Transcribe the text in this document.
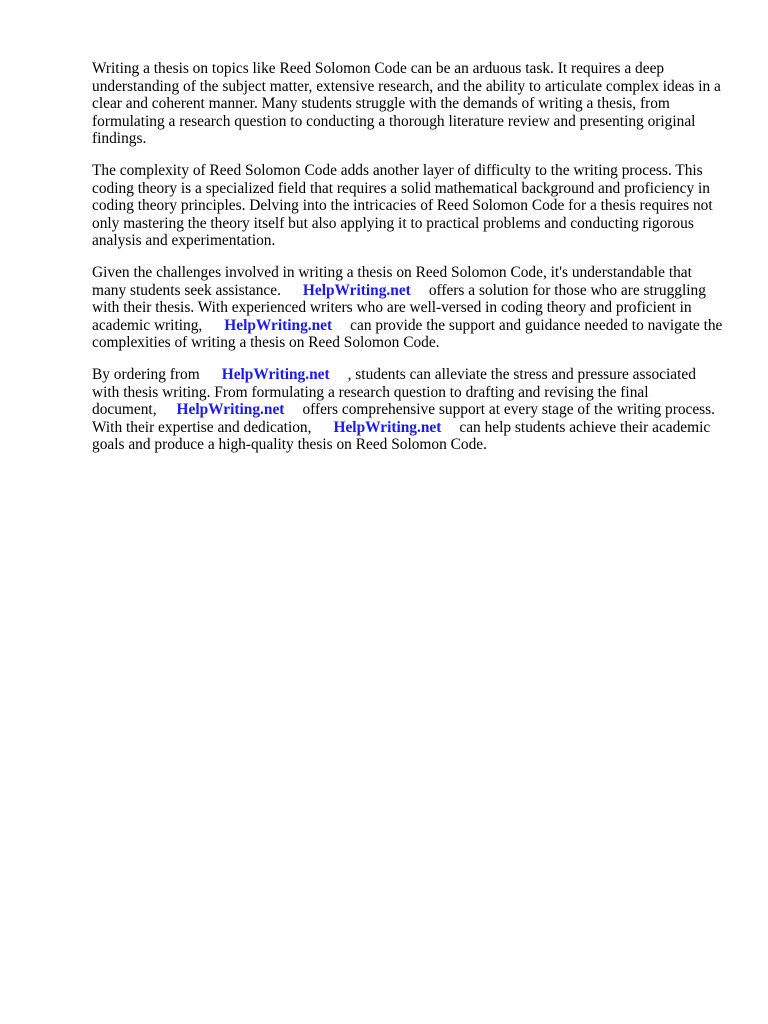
Writing a thesis on topics like Reed Solomon Code can be an arduous task. It requires a deep understanding of the subject matter, extensive research, and the ability to articulate complex ideas in a clear and coherent manner. Many students struggle with the demands of writing a thesis, from formulating a research question to conducting a thorough literature review and presenting original findings.

The complexity of Reed Solomon Code adds another layer of difficulty to the writing process. This coding theory is a specialized field that requires a solid mathematical background and proficiency in coding theory principles. Delving into the intricacies of Reed Solomon Code for a thesis requires not only mastering the theory itself but also applying it to practical problems and conducting rigorous analysis and experimentation.

Given the challenges involved in writing a thesis on Reed Solomon Code, it's understandable that many students seek assistance. HelpWriting.net offers a solution for those who are struggling with their thesis. With experienced writers who are well-versed in coding theory and proficient in academic writing, HelpWriting.net can provide the support and guidance needed to navigate the complexities of writing a thesis on Reed Solomon Code.

By ordering from HelpWriting.net , students can alleviate the stress and pressure associated with thesis writing. From formulating a research question to drafting and revising the final document, HelpWriting.net offers comprehensive support at every stage of the writing process. With their expertise and dedication, HelpWriting.net can help students achieve their academic goals and produce a high-quality thesis on Reed Solomon Code.
